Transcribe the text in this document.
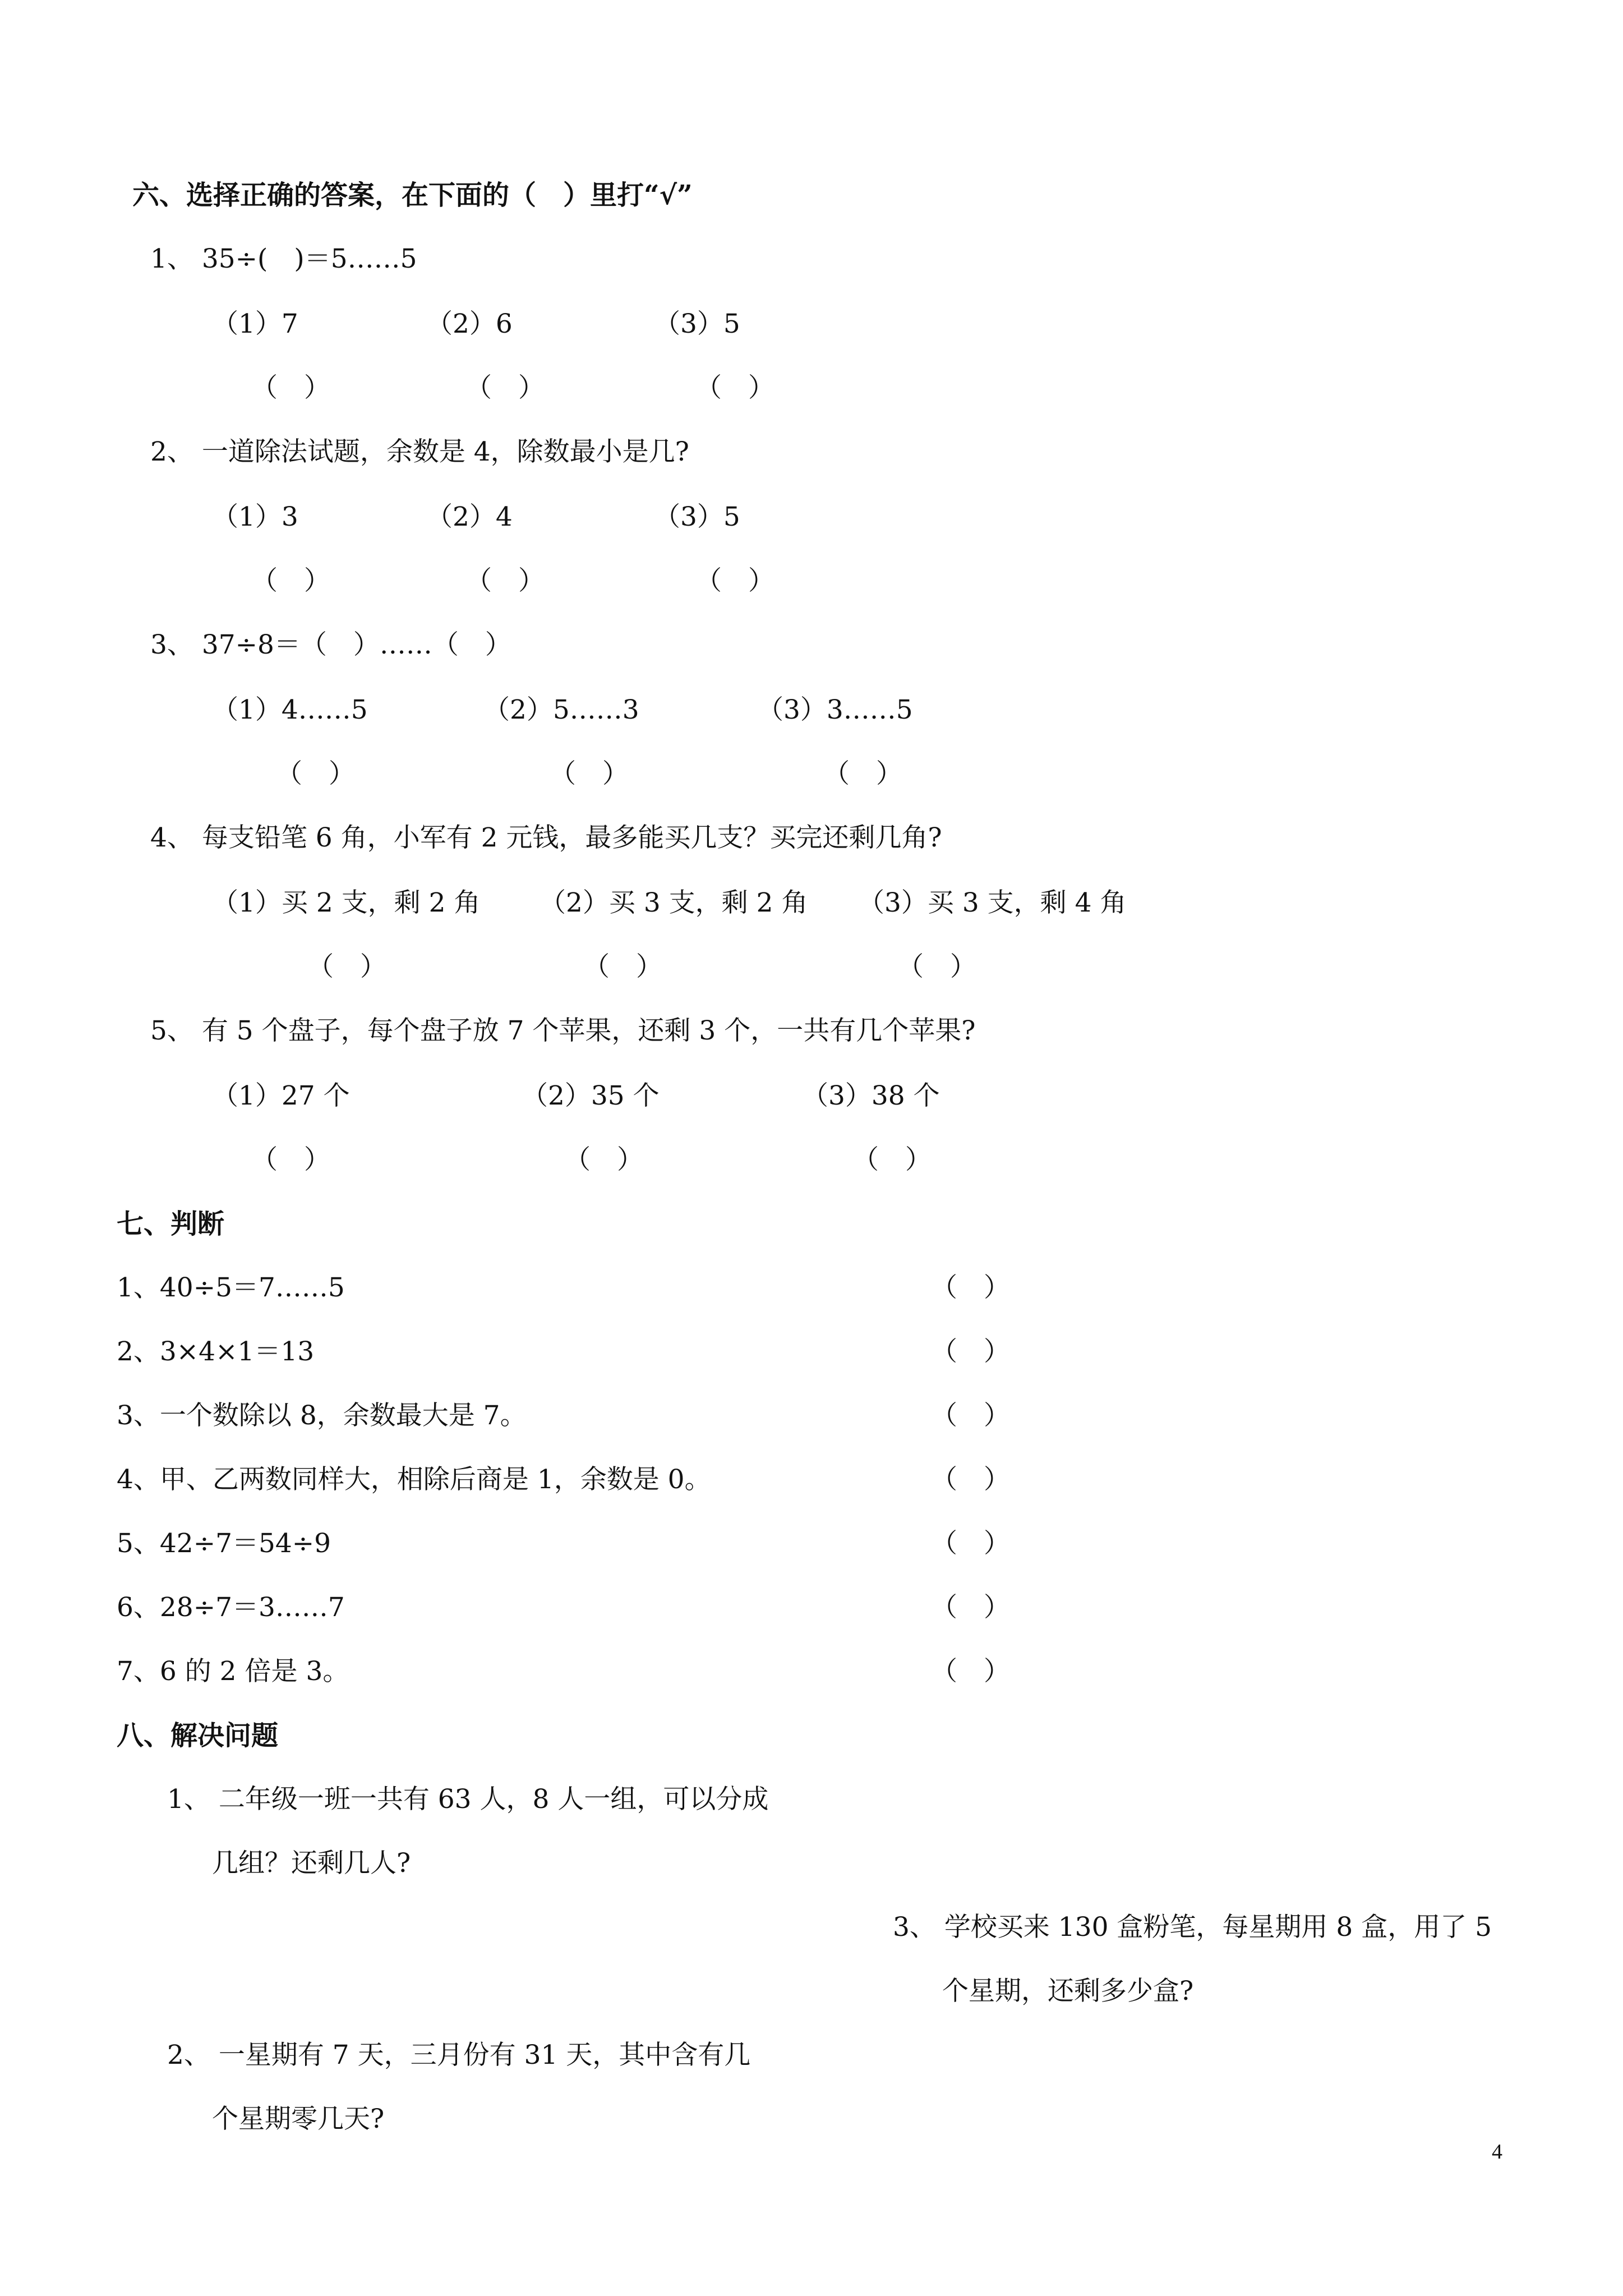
六、选择正确的答案，在下面的（　）里打“√”
1、 35÷(　)＝5……5
（1）7	（2）6	（3）5
（　）	（　）	（　）
2、 一道除法试题，余数是 4，除数最小是几?
（1）3	（2）4	（3）5
（　）	（　）	（　）
3、 37÷8＝（　）……（　）
（1）4……5	（2）5……3	（3）3……5
（　）	（　）	（　）
4、 每支铅笔 6 角，小军有 2 元钱，最多能买几支？买完还剩几角?
（1）买 2 支，剩 2 角 （2）买 3 支，剩 2 角 （3）买 3 支，剩 4 角
（　）	（　）	（　）
5、 有 5 个盘子，每个盘子放 7 个苹果，还剩 3 个，一共有几个苹果?
（1）27 个	（2）35 个	（3）38 个
（　）	（　）	（　）
七、判断
1、40÷5＝7……5	（　）
2、3×4×1＝13	（　）
3、一个数除以 8，余数最大是 7。	（　）
4、甲、乙两数同样大，相除后商是 1，余数是 0。	（　）
5、42÷7＝54÷9	（　）
6、28÷7＝3……7	（　）
7、6 的 2 倍是 3。	（　）
八、解决问题
1、 二年级一班一共有 63 人，8 人一组，可以分成
几组？还剩几人?
3、 学校买来 130 盒粉笔，每星期用 8 盒，用了 5
个星期，还剩多少盒?
2、 一星期有 7 天，三月份有 31 天，其中含有几
个星期零几天?
4
